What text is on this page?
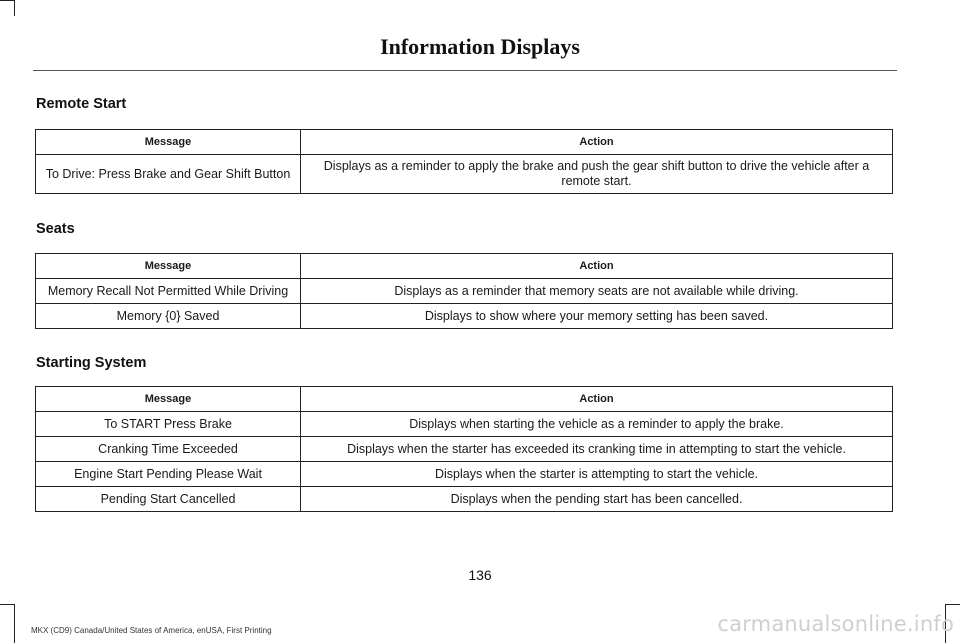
Information Displays
Remote Start
Message	Action
To Drive: Press Brake and Gear Shift Button	Displays as a reminder to apply the brake and push the gear shift button to drive the vehicle after a remote start.
Seats
Message	Action
Memory Recall Not Permitted While Driving	Displays as a reminder that memory seats are not available while driving.
Memory {0} Saved	Displays to show where your memory setting has been saved.
Starting System
Message	Action
To START Press Brake	Displays when starting the vehicle as a reminder to apply the brake.
Cranking Time Exceeded	Displays when the starter has exceeded its cranking time in attempting to start the vehicle.
Engine Start Pending Please Wait	Displays when the starter is attempting to start the vehicle.
Pending Start Cancelled	Displays when the pending start has been cancelled.
136
MKX (CD9) Canada/United States of America, enUSA, First Printing	carmanualsonline.info
